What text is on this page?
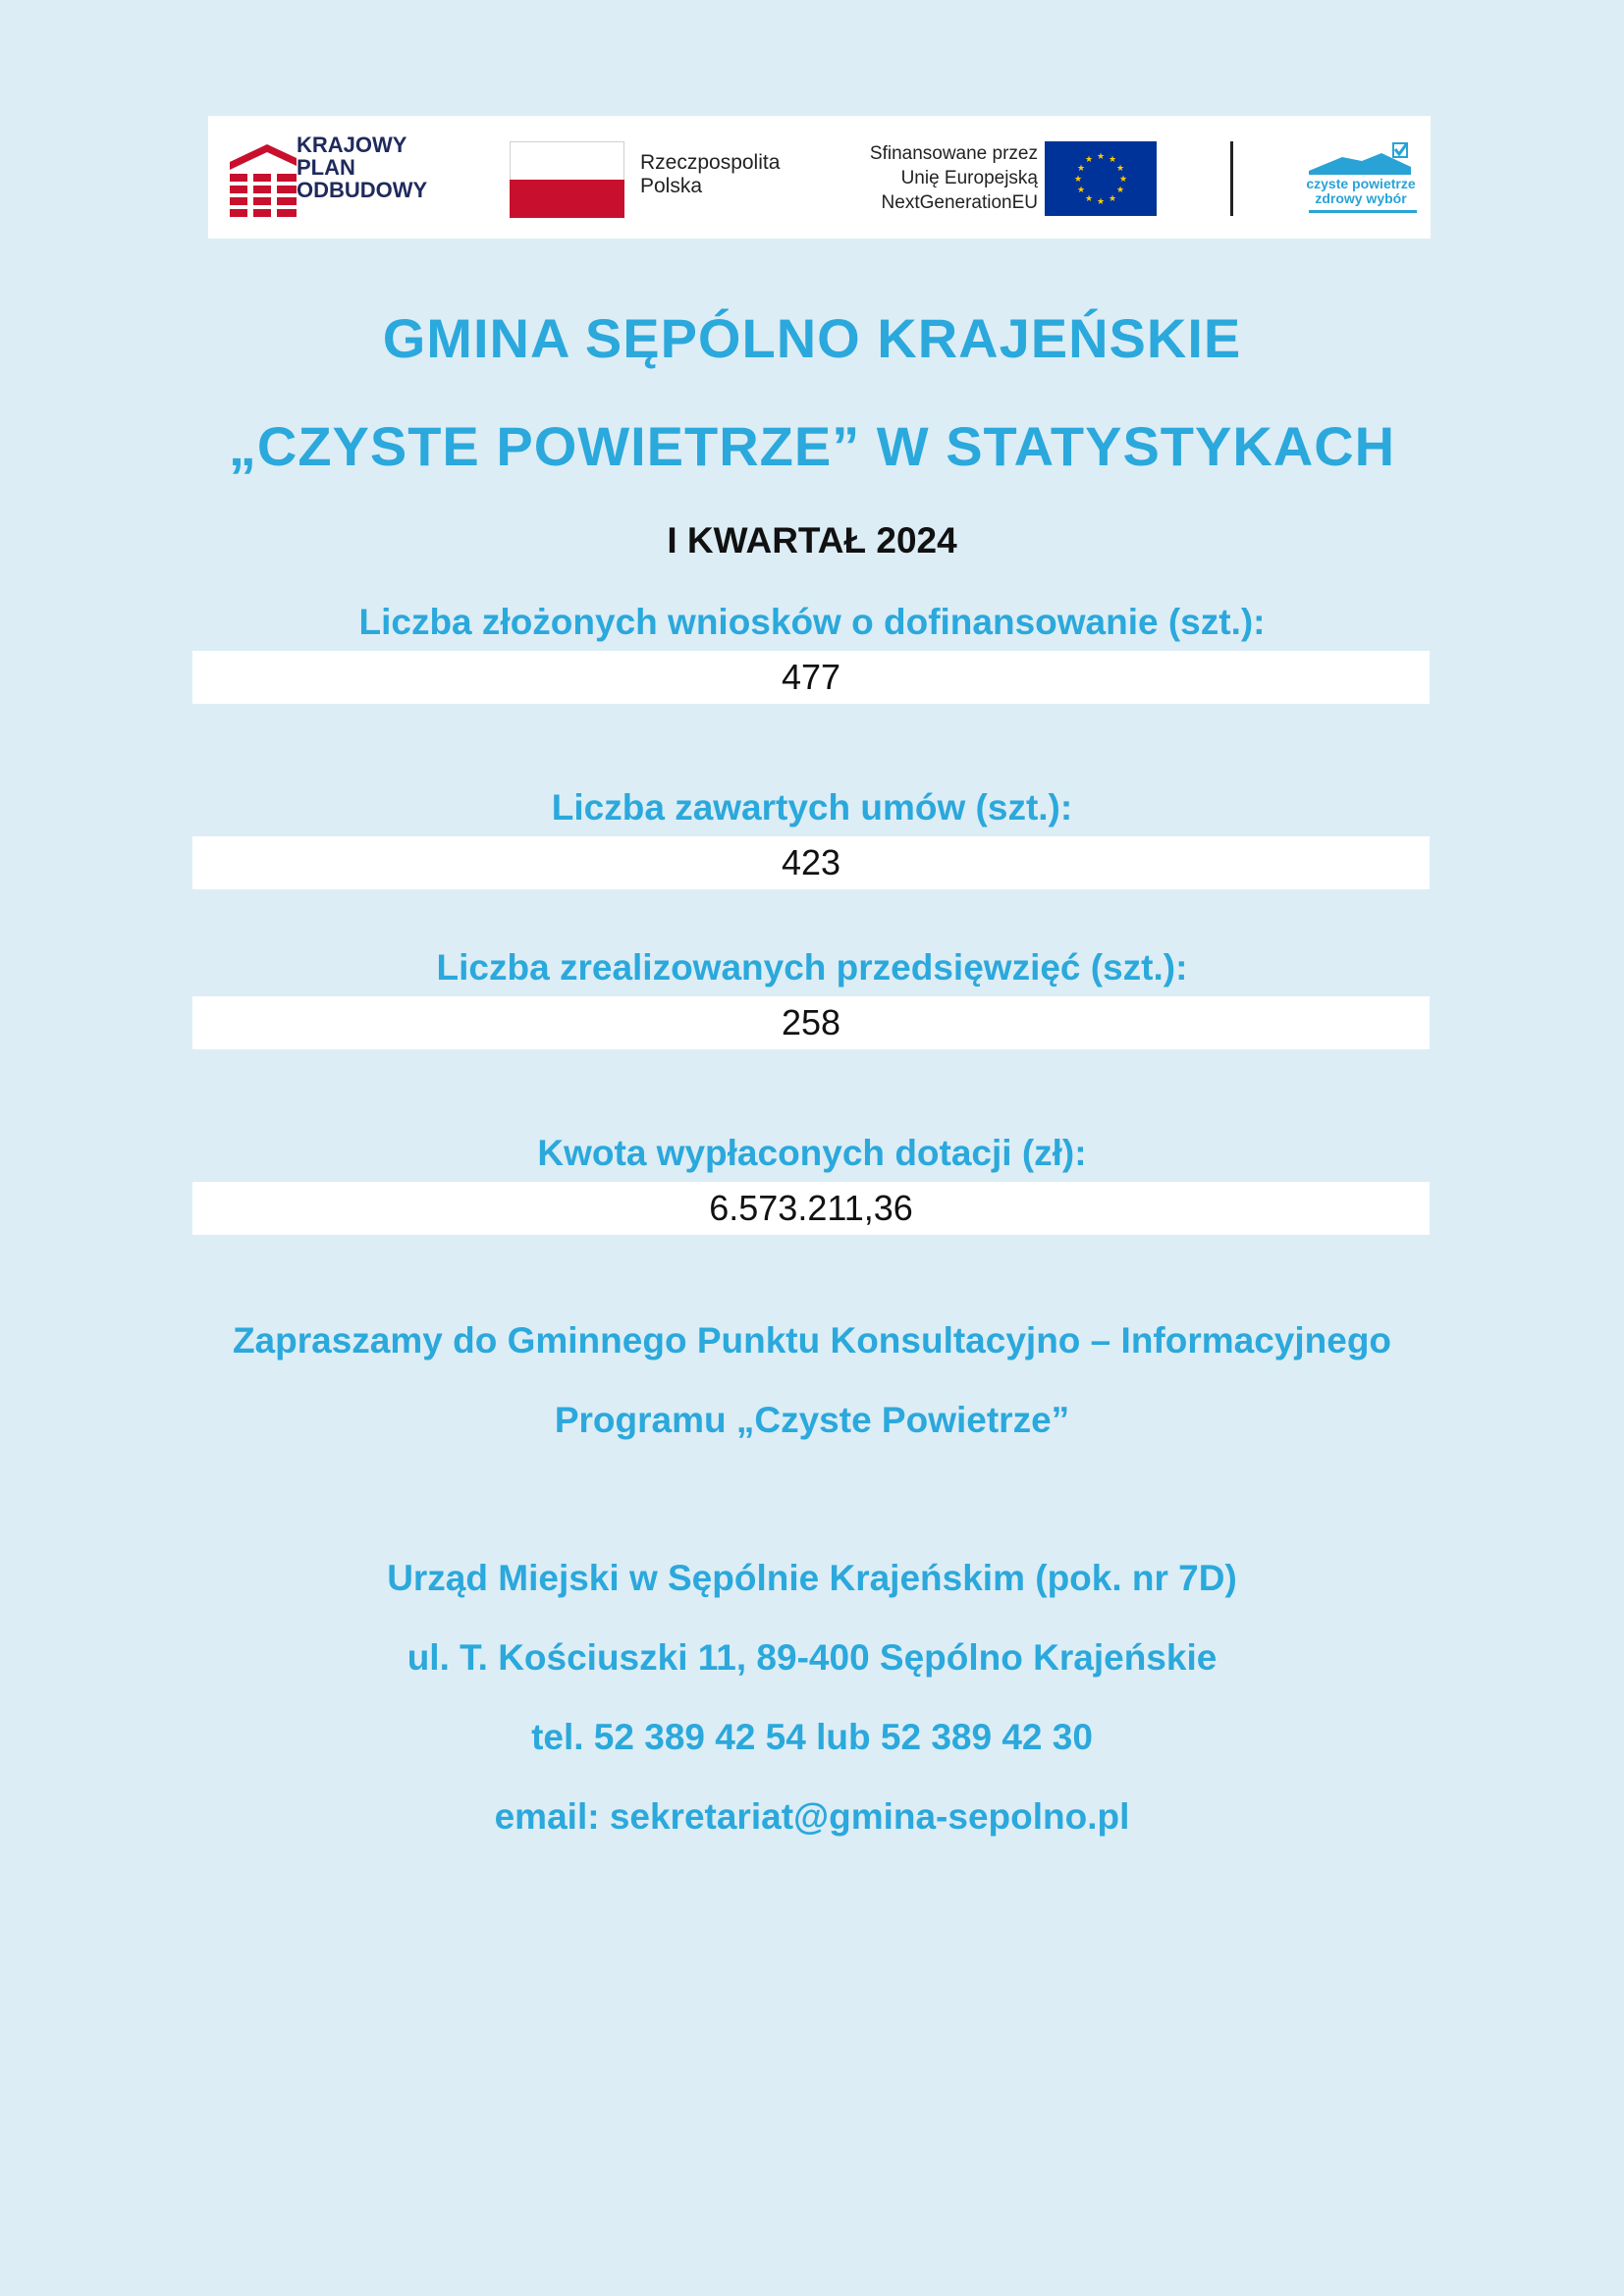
KRAJOWY
PLAN
ODBUDOWY
Rzeczpospolita
Polska
Sfinansowane przez
Unię Europejską
NextGenerationEU
★ ★
★
★
★
★
★
★
★
★
★
★
czyste powietrze
zdrowy wybór
GMINA SĘPÓLNO KRAJEŃSKIE
„CZYSTE POWIETRZE” W STATYSTYKACH
I KWARTAŁ 2024
Liczba złożonych wniosków o dofinansowanie (szt.):
477
Liczba zawartych umów (szt.):
423
Liczba zrealizowanych przedsięwzięć (szt.):
258
Kwota wypłaconych dotacji (zł):
6.573.211,36
Zapraszamy do Gminnego Punktu Konsultacyjno – Informacyjnego
Programu „Czyste Powietrze”
Urząd Miejski w Sępólnie Krajeńskim (pok. nr 7D)
ul. T. Kościuszki 11, 89-400 Sępólno Krajeńskie
tel. 52 389 42 54 lub 52 389 42 30
email: sekretariat@gmina-sepolno.pl
